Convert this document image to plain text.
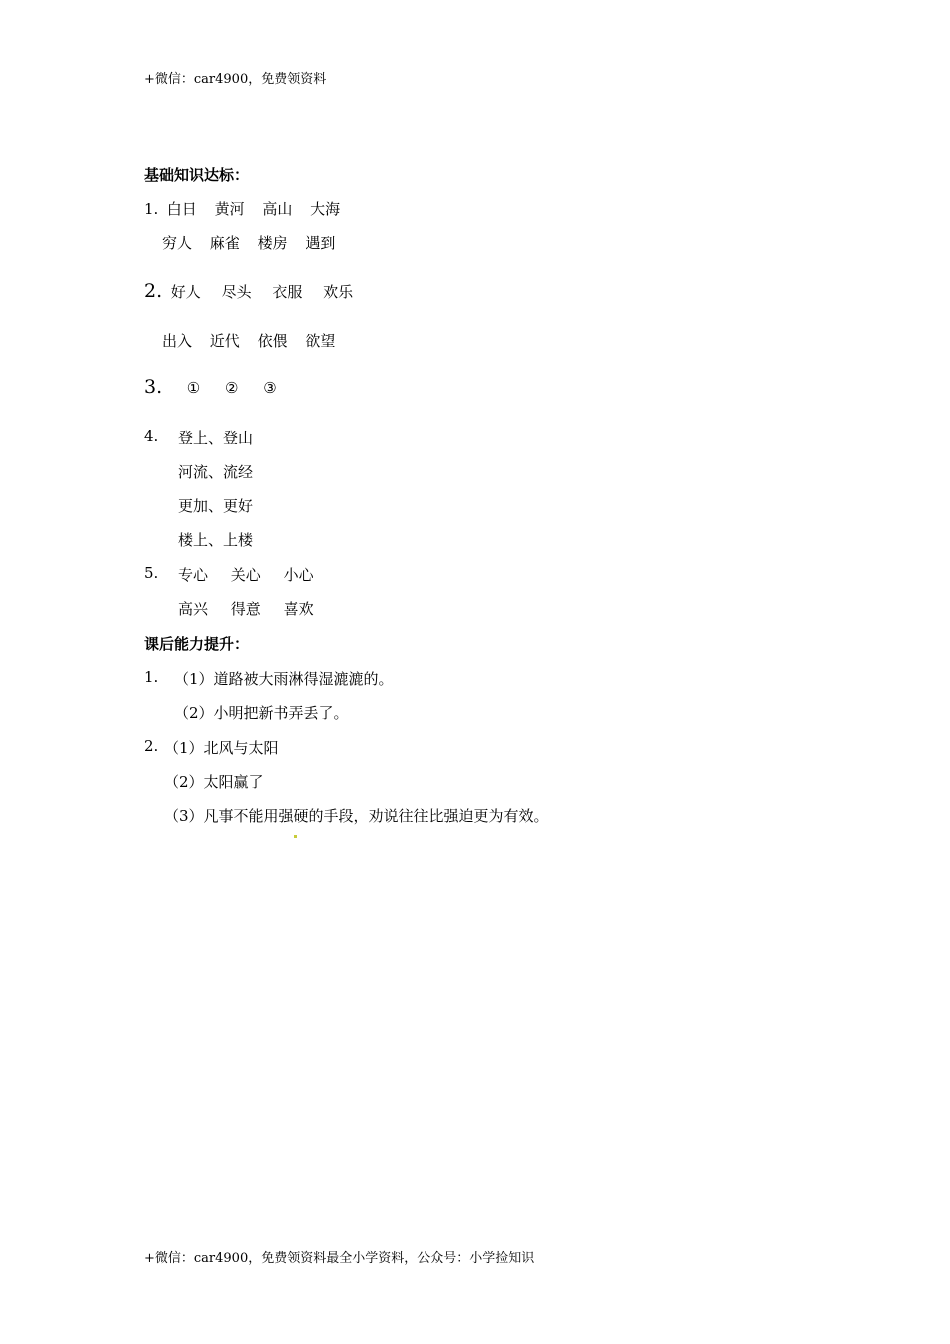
+微信：car4900，免费领资料
基础知识达标：
1. 白日 黄河 高山 大海
穷人 麻雀 楼房 遇到
2. 好人 尽头 衣服 欢乐
出入 近代 依偎 欲望
3. ① ② ③
4. 登上、登山
河流、流经
更加、更好
楼上、上楼
5. 专心 关心 小心
高兴 得意 喜欢
课后能力提升：
1. （1）道路被大雨淋得湿漉漉的。
（2）小明把新书弄丢了。
2. （1）北风与太阳
（2）太阳赢了
（3）凡事不能用强硬的手段，劝说往往比强迫更为有效。
+微信：car4900，免费领资料最全小学资料，公众号：小学捡知识
